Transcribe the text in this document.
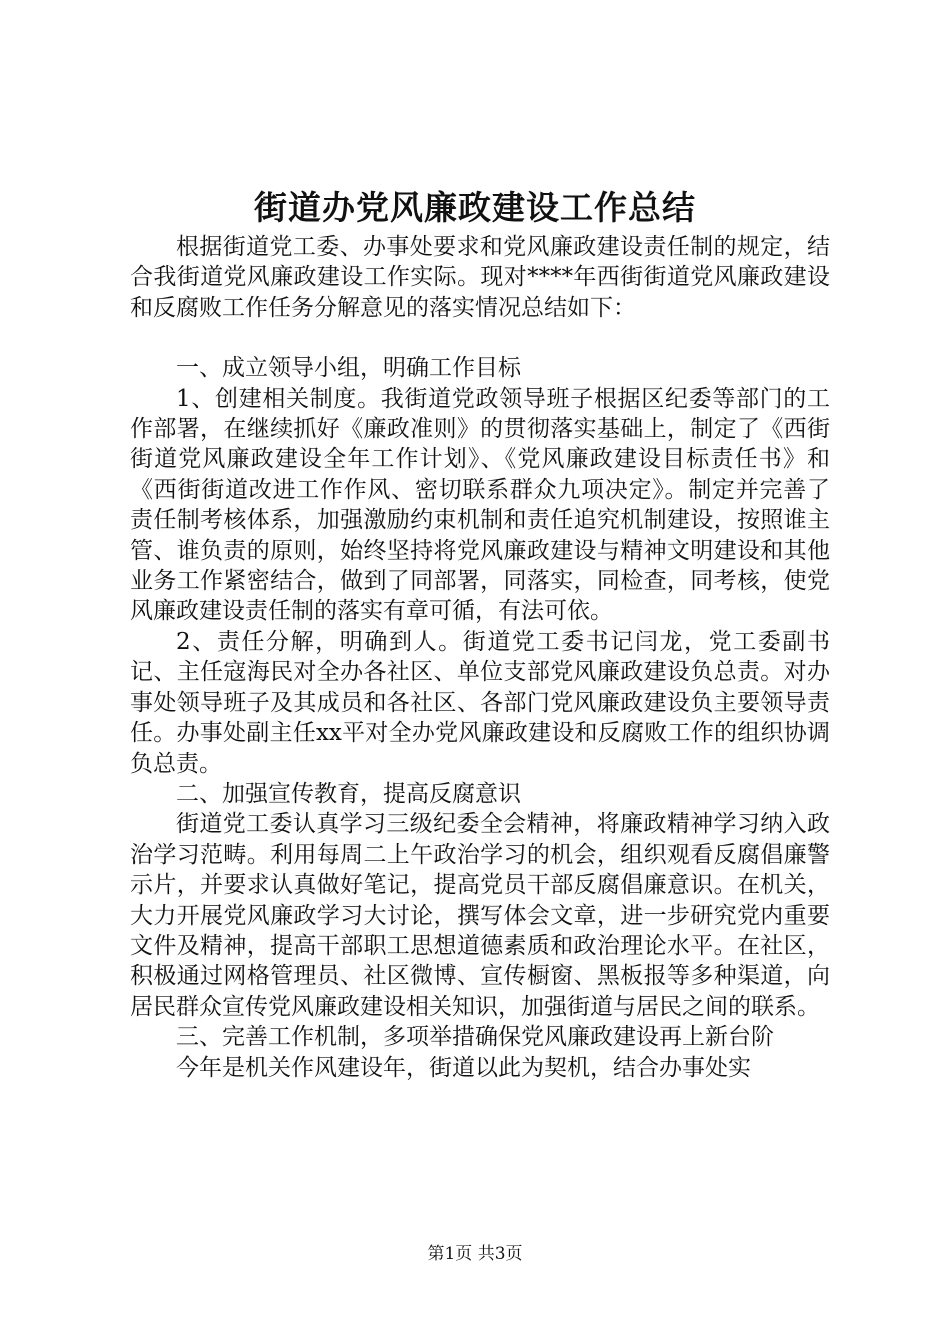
街道办党风廉政建设工作总结

根据街道党工委、办事处要求和党风廉政建设责任制的规定，结合我街道党风廉政建设工作实际。现对****年西街街道党风廉政建设和反腐败工作任务分解意见的落实情况总结如下：

一、成立领导小组，明确工作目标

1、创建相关制度。我街道党政领导班子根据区纪委等部门的工作部署，在继续抓好《廉政准则》的贯彻落实基础上，制定了《西街街道党风廉政建设全年工作计划》、《党风廉政建设目标责任书》和《西街街道改进工作作风、密切联系群众九项决定》。制定并完善了责任制考核体系，加强激励约束机制和责任追究机制建设，按照谁主管、谁负责的原则，始终坚持将党风廉政建设与精神文明建设和其他业务工作紧密结合，做到了同部署，同落实，同检查，同考核，使党风廉政建设责任制的落实有章可循，有法可依。

2、责任分解，明确到人。街道党工委书记闫龙，党工委副书记、主任寇海民对全办各社区、单位支部党风廉政建设负总责。对办事处领导班子及其成员和各社区、各部门党风廉政建设负主要领导责任。办事处副主任xx平对全办党风廉政建设和反腐败工作的组织协调负总责。

二、加强宣传教育，提高反腐意识

街道党工委认真学习三级纪委全会精神，将廉政精神学习纳入政治学习范畴。利用每周二上午政治学习的机会，组织观看反腐倡廉警示片，并要求认真做好笔记，提高党员干部反腐倡廉意识。在机关，大力开展党风廉政学习大讨论，撰写体会文章，进一步研究党内重要文件及精神，提高干部职工思想道德素质和政治理论水平。在社区，积极通过网格管理员、社区微博、宣传橱窗、黑板报等多种渠道，向居民群众宣传党风廉政建设相关知识，加强街道与居民之间的联系。

三、完善工作机制，多项举措确保党风廉政建设再上新台阶

今年是机关作风建设年，街道以此为契机，结合办事处实

第1页 共3页
